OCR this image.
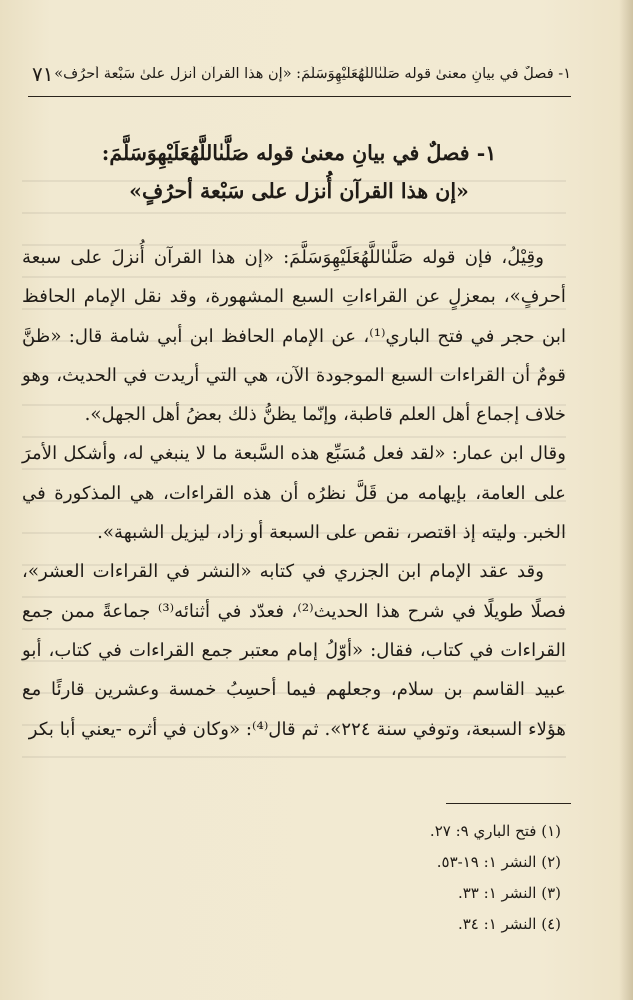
١- فصلٌ في بيانِ معنىٰ قوله صَلَّىٰاللَّهُعَلَيْهِوَسَلَّمَ: «إن هذا القرآن أُنزل علىٰ سَبْعة أحرُف»
٧١
١- فصلٌ في بيانِ معنىٰ قوله صَلَّىٰاللَّهُعَلَيْهِوَسَلَّمَ:
«إن هذا القرآن أُنزل على سَبْعة أحرُفٍ»

وقِيْلُ، فإن قوله صَلَّىٰاللَّهُعَلَيْهِوَسَلَّمَ: «إن هذا القرآن أُنزلَ على سبعة أحرفٍ»، بمعزلٍ عن القراءاتِ السبع المشهورة، وقد نقل الإمام الحافظ ابن حجر في فتح الباري⁽¹⁾، عن الإمام الحافظ ابن أبي شامة قال: «ظنَّ قومٌ أن القراءات السبع الموجودة الآن، هي التي أريدت في الحديث، وهو خلاف إجماع أهل العلم قاطبة، وإنّما يظنُّ ذلك بعضُ أهل الجهل».

وقال ابن عمار: «لقد فعل مُسَبِّع هذه السَّبعة ما لا ينبغي له، وأشكل الأمرَ على العامة، بإيهامه من قَلَّ نظرُه أن هذه القراءات، هي المذكورة في الخبر. وليته إذ اقتصر، نقص على السبعة أو زاد، ليزيل الشبهة».

وقد عقد الإمام ابن الجزري في كتابه «النشر في القراءات العشر»، فصلًا طويلًا في شرح هذا الحديث⁽²⁾، فعدّد في أثنائه⁽³⁾ جماعةً ممن جمع القراءات في كتاب، فقال: «أوّلُ إمام معتبر جمع القراءات في كتاب، أبو عبيد القاسم بن سلام، وجعلهم فيما أحسِبُ خمسة وعشرين قارئًا مع هؤلاء السبعة، وتوفي سنة ٢٢٤». ثم قال⁽⁴⁾: «وكان في أثره -يعني أبا بكر

(١) فتح الباري ٩: ٢٧.
(٢) النشر ١: ١٩-٥٣.
(٣) النشر ١: ٣٣.
(٤) النشر ١: ٣٤.
